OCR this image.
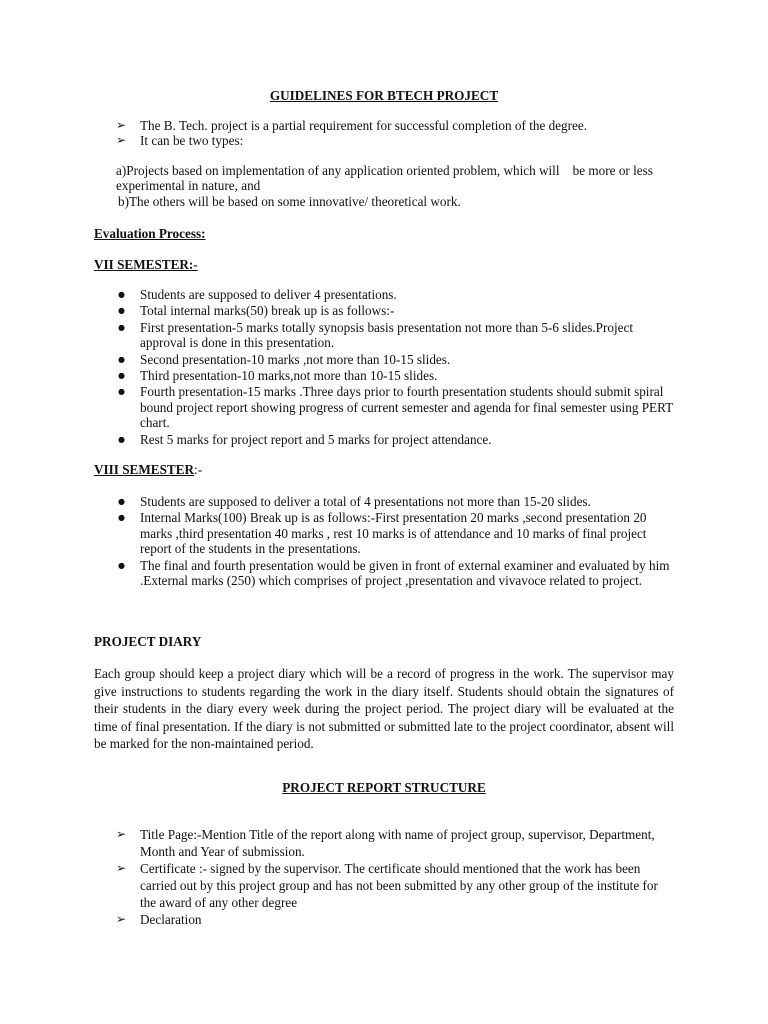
GUIDELINES FOR BTECH PROJECT
➢ The B. Tech. project is a partial requirement for successful completion of the degree.
➢ It can be two types:
a)Projects based on implementation of any application oriented problem, which will    be more or less experimental in nature, and
b)The others will be based on some innovative/ theoretical work.
Evaluation Process:
VII SEMESTER:-
● Students are supposed to deliver 4 presentations.
● Total internal marks(50) break up is as follows:-
● First presentation-5 marks totally synopsis basis presentation not more than 5-6 slides.Project approval is done in this presentation.
● Second presentation-10 marks ,not more than 10-15 slides.
● Third presentation-10 marks,not more than 10-15 slides.
● Fourth presentation-15 marks .Three days prior to fourth presentation students should submit spiral bound project report showing progress of current semester and agenda for final semester using PERT chart.
● Rest 5 marks for project report and 5 marks for project attendance.
VIII SEMESTER:-
● Students are supposed to deliver a total of 4 presentations not more than 15-20 slides.
● Internal Marks(100) Break up is as follows:-First presentation 20 marks ,second presentation 20 marks ,third presentation 40 marks , rest 10 marks is of attendance and 10 marks of final project report of the students in the presentations.
● The final and fourth presentation would be given in front of external examiner and evaluated by him .External marks (250) which comprises of project ,presentation and vivavoce related to project.
PROJECT DIARY

Each group should keep a project diary which will be a record of progress in the work. The supervisor may give instructions to students regarding the work in the diary itself. Students should obtain the signatures of their students in the diary every week during the project period. The project diary will be evaluated at the time of final presentation. If the diary is not submitted or submitted late to the project coordinator, absent will be marked for the non-maintained period.

PROJECT REPORT STRUCTURE
➢ Title Page:-Mention Title of the report along with name of project group, supervisor, Department, Month and Year of submission.
➢ Certificate :- signed by the supervisor. The certificate should mentioned that the work has been carried out by this project group and has not been submitted by any other group of the institute for the award of any other degree
➢ Declaration
